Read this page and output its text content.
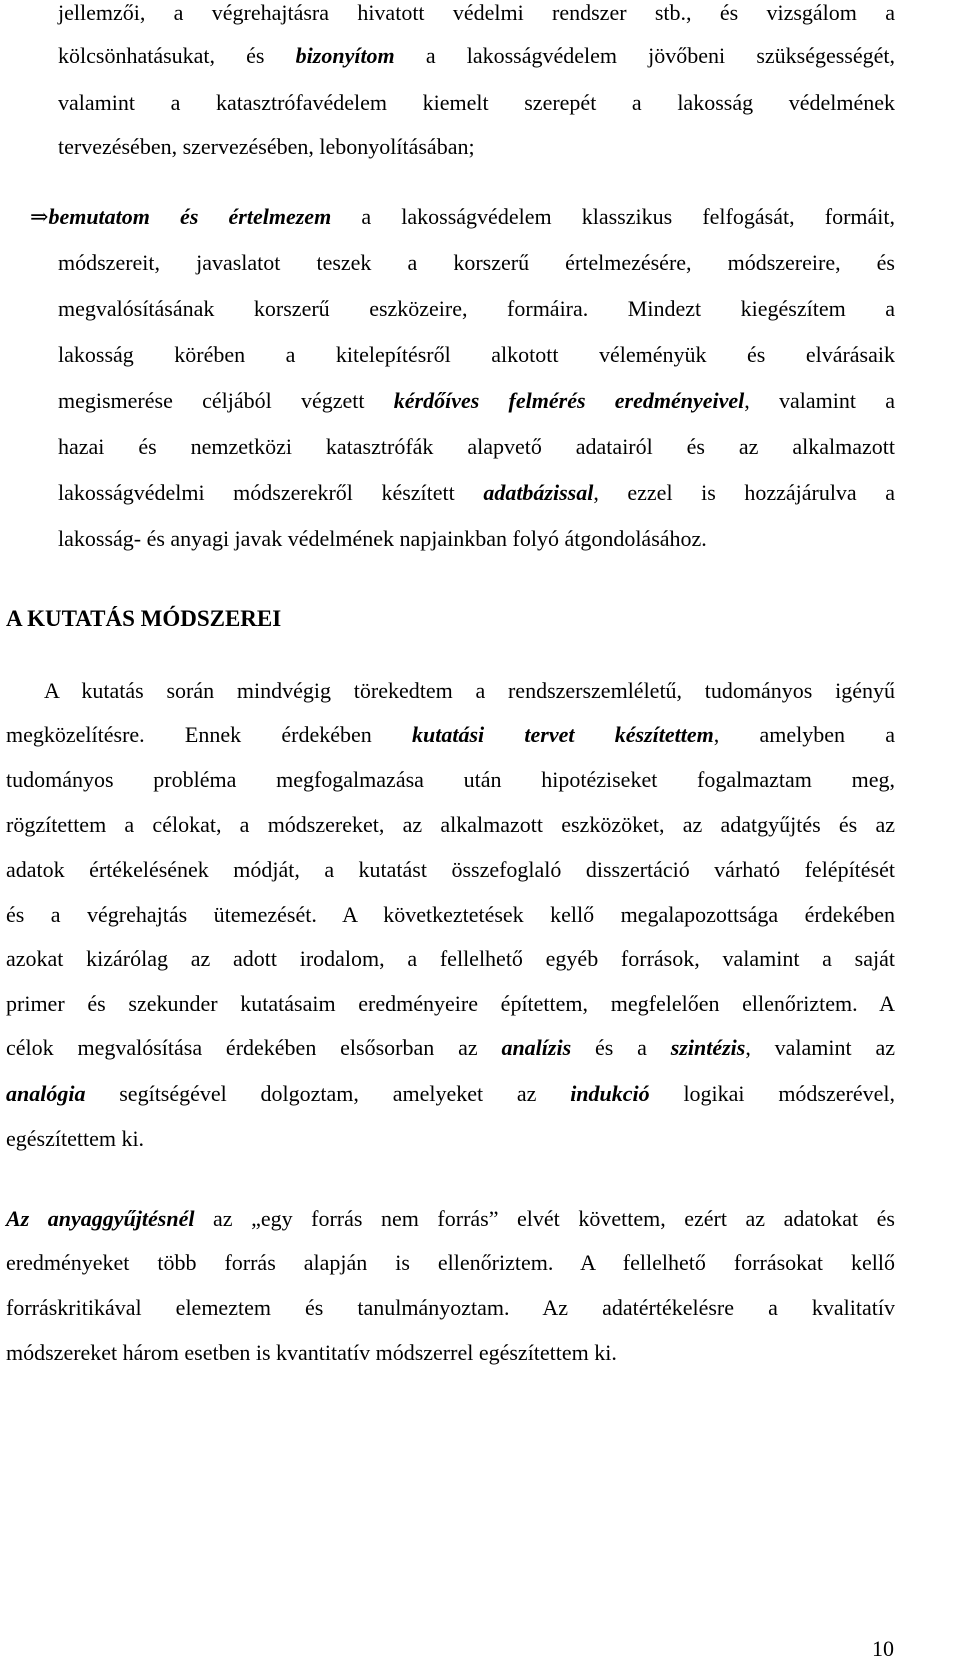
jellemzői, a végrehajtásra hivatott védelmi rendszer stb., és vizsgálom a
kölcsönhatásukat, és bizonyítom a lakosságvédelem jövőbeni szükségességét,
valamint a katasztrófavédelem kiemelt szerepét a lakosság védelmének
tervezésében, szervezésében, lebonyolításában;
⇒bemutatom és értelmezem a lakosságvédelem klasszikus felfogását, formáit,
módszereit, javaslatot teszek a korszerű értelmezésére, módszereire, és
megvalósításának korszerű eszközeire, formáira. Mindezt kiegészítem a
lakosság körében a kitelepítésről alkotott véleményük és elvárásaik
megismerése céljából végzett kérdőíves felmérés eredményeivel, valamint a
hazai és nemzetközi katasztrófák alapvető adatairól és az alkalmazott
lakosságvédelmi módszerekről készített adatbázissal, ezzel is hozzájárulva a
lakosság- és anyagi javak védelmének napjainkban folyó átgondolásához.
A KUTATÁS MÓDSZEREI
A kutatás során mindvégig törekedtem a rendszerszemléletű, tudományos igényű
megközelítésre. Ennek érdekében kutatási tervet készítettem, amelyben a
tudományos probléma megfogalmazása után hipotéziseket fogalmaztam meg,
rögzítettem a célokat, a módszereket, az alkalmazott eszközöket, az adatgyűjtés és az
adatok értékelésének módját, a kutatást összefoglaló disszertáció várható felépítését
és a végrehajtás ütemezését. A következtetések kellő megalapozottsága érdekében
azokat kizárólag az adott irodalom, a fellelhető egyéb források, valamint a saját
primer és szekunder kutatásaim eredményeire építettem, megfelelően ellenőriztem. A
célok megvalósítása érdekében elsősorban az analízis és a szintézis, valamint az
analógia segítségével dolgoztam, amelyeket az indukció logikai módszerével,
egészítettem ki.
Az anyaggyűjtésnél az „egy forrás nem forrás” elvét követtem, ezért az adatokat és
eredményeket több forrás alapján is ellenőriztem. A fellelhető forrásokat kellő
forráskritikával elemeztem és tanulmányoztam. Az adatértékelésre a kvalitatív
módszereket három esetben is kvantitatív módszerrel egészítettem ki.
10
